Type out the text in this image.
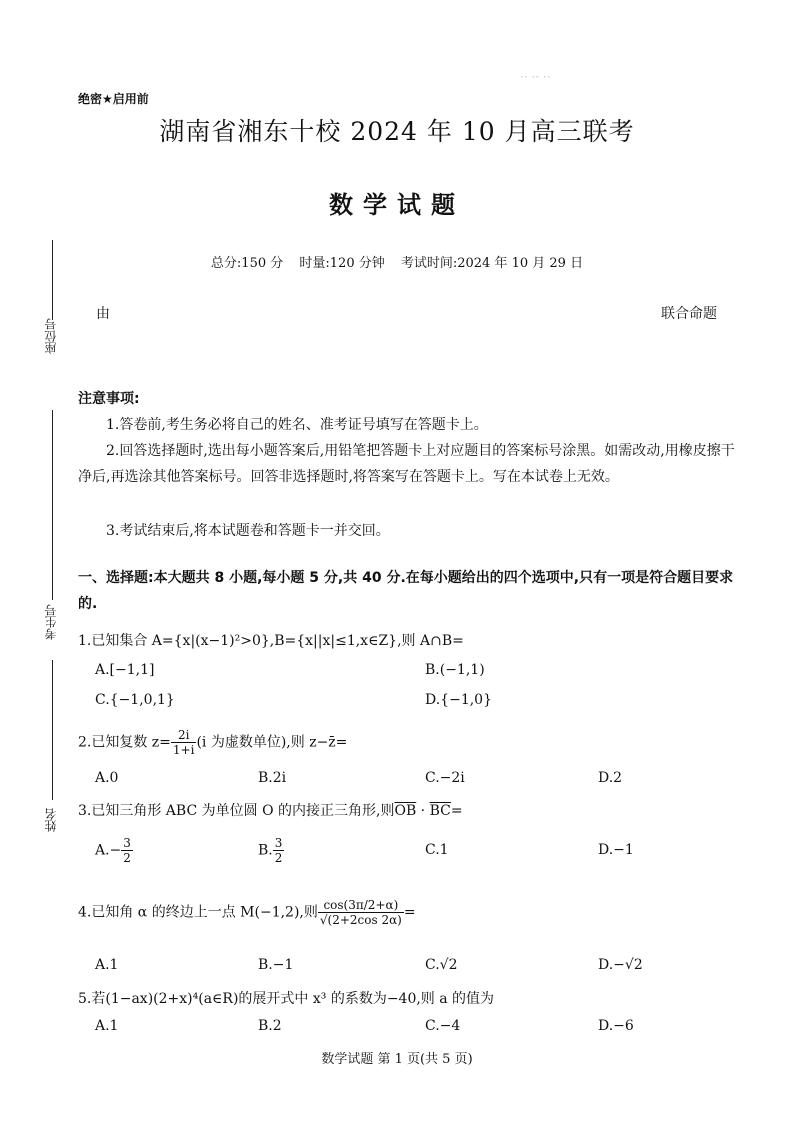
·· ·· ··
绝密★启用前
湖南省湘东十校 2024 年 10 月高三联考
数学试题
总分:150 分 时量:120 分钟 考试时间:2024 年 10 月 29 日
由	联合命题
座位号
考生号
姓名
注意事项:
1.答卷前,考生务必将自己的姓名、准考证号填写在答题卡上。
2.回答选择题时,选出每小题答案后,用铅笔把答题卡上对应题目的答案标号涂黑。如需改动,用橡皮擦干净后,再选涂其他答案标号。回答非选择题时,将答案写在答题卡上。写在本试卷上无效。
3.考试结束后,将本试题卷和答题卡一并交回。
一、选择题:本大题共 8 小题,每小题 5 分,共 40 分.在每小题给出的四个选项中,只有一项是符合题目要求的.
1.已知集合 A={x|(x−1)²>0},B={x||x|≤1,x∈Z},则 A∩B=
A.[−1,1]	B.(−1,1)
C.{−1,0,1}	D.{−1,0}
2.已知复数 $z= \frac{2i}{1+i} (i$ 为虚数单位),则 z−z̄=
A.0	B.2i	C.−2i	D.2
3.已知三角形 ABC 为单位圆 O 的内接正三角形,则$\overline{OB} \cdot \overline{BC}=$
$A.- \frac{3}{2}$	B. $\frac{3}{2}$	C.1	D.−1
4.已知角 α 的终边上一点 M(−1,2),则 $\frac{\cos(3\pi/2+\alpha)}{√(2+2\cos 2\alpha)}$ =
A.1	B.−1	C.√2	D.−√2
5.若(1−ax)(2+x)⁴(a∈R)的展开式中 x³ 的系数为−40,则 a 的值为
A.1	B.2	C.−4	D.−6
数学试题 第 1 页(共 5 页)
